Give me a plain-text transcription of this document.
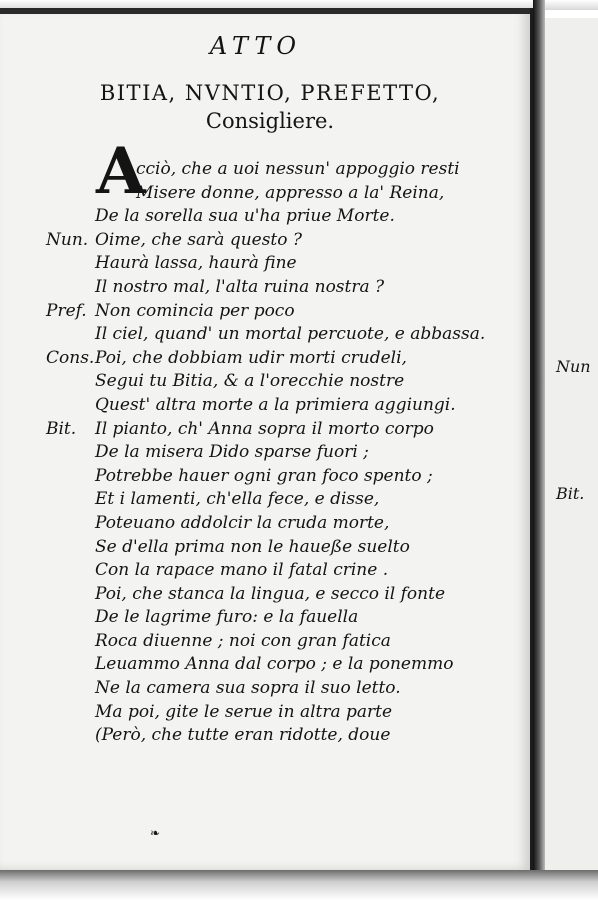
ATTO
BITIA, NVNTIO, PREFETTO,
Consigliere.
A
cciò, che a uoi nessun' appoggio resti
Misere donne, appresso a la' Reina,
De la sorella sua u'ha priue Morte.
Nun. Oime, che sarà questo ?
Haurà lassa, haurà fine
Il nostro mal, l'alta ruina nostra ?
Pref. Non comincia per poco
Il ciel, quand' un mortal percuote, e abbassa.
Cons. Poi, che dobbiam udir morti crudeli,
Segui tu Bitia, & a l'orecchie nostre
Quest' altra morte a la primiera aggiungi.
Bit. Il pianto, ch' Anna sopra il morto corpo
De la misera Dido sparse fuori ;
Potrebbe hauer ogni gran foco spento ;
Et i lamenti, ch'ella fece, e disse,
Poteuano addolcir la cruda morte,
Se d'ella prima non le haueße suelto
Con la rapace mano il fatal crine .
Poi, che stanca la lingua, e secco il fonte
De le lagrime furo: e la fauella
Roca diuenne ; noi con gran fatica
Leuammo Anna dal corpo ; e la ponemmo
Ne la camera sua sopra il suo letto.
Ma poi, gite le serue in altra parte
(Però, che tutte eran ridotte, doue
❧
Nun
Bit.
